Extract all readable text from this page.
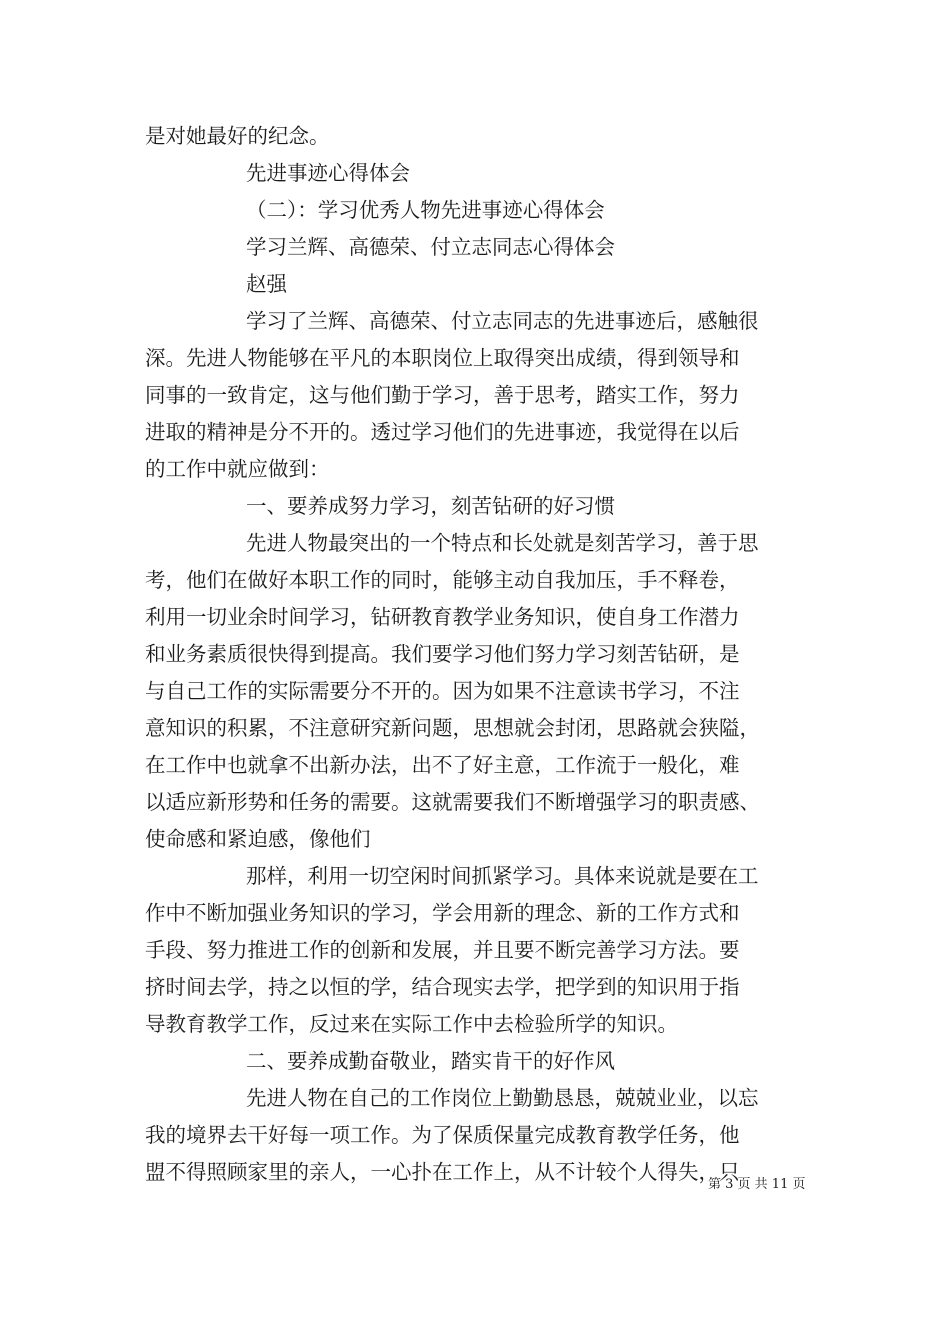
是对她最好的纪念。
先进事迹心得体会
（二）：学习优秀人物先进事迹心得体会
学习兰辉、高德荣、付立志同志心得体会
赵强
学习了兰辉、高德荣、付立志同志的先进事迹后，感触很
深。先进人物能够在平凡的本职岗位上取得突出成绩，得到领导和
同事的一致肯定，这与他们勤于学习，善于思考，踏实工作，努力
进取的精神是分不开的。透过学习他们的先进事迹，我觉得在以后
的工作中就应做到：
一、要养成努力学习，刻苦钻研的好习惯
先进人物最突出的一个特点和长处就是刻苦学习，善于思
考，他们在做好本职工作的同时，能够主动自我加压，手不释卷，
利用一切业余时间学习，钻研教育教学业务知识，使自身工作潜力
和业务素质很快得到提高。我们要学习他们努力学习刻苦钻研，是
与自己工作的实际需要分不开的。因为如果不注意读书学习，不注
意知识的积累，不注意研究新问题，思想就会封闭，思路就会狭隘，
在工作中也就拿不出新办法，出不了好主意，工作流于一般化，难
以适应新形势和任务的需要。这就需要我们不断增强学习的职责感、
使命感和紧迫感，像他们
那样，利用一切空闲时间抓紧学习。具体来说就是要在工
作中不断加强业务知识的学习，学会用新的理念、新的工作方式和
手段、努力推进工作的创新和发展，并且要不断完善学习方法。要
挤时间去学，持之以恒的学，结合现实去学，把学到的知识用于指
导教育教学工作，反过来在实际工作中去检验所学的知识。
二、要养成勤奋敬业，踏实肯干的好作风
先进人物在自己的工作岗位上勤勤恳恳，兢兢业业，以忘
我的境界去干好每一项工作。为了保质保量完成教育教学任务，他
盟不得照顾家里的亲人，一心扑在工作上，从不计较个人得失，只
第 3 页 共 11 页
